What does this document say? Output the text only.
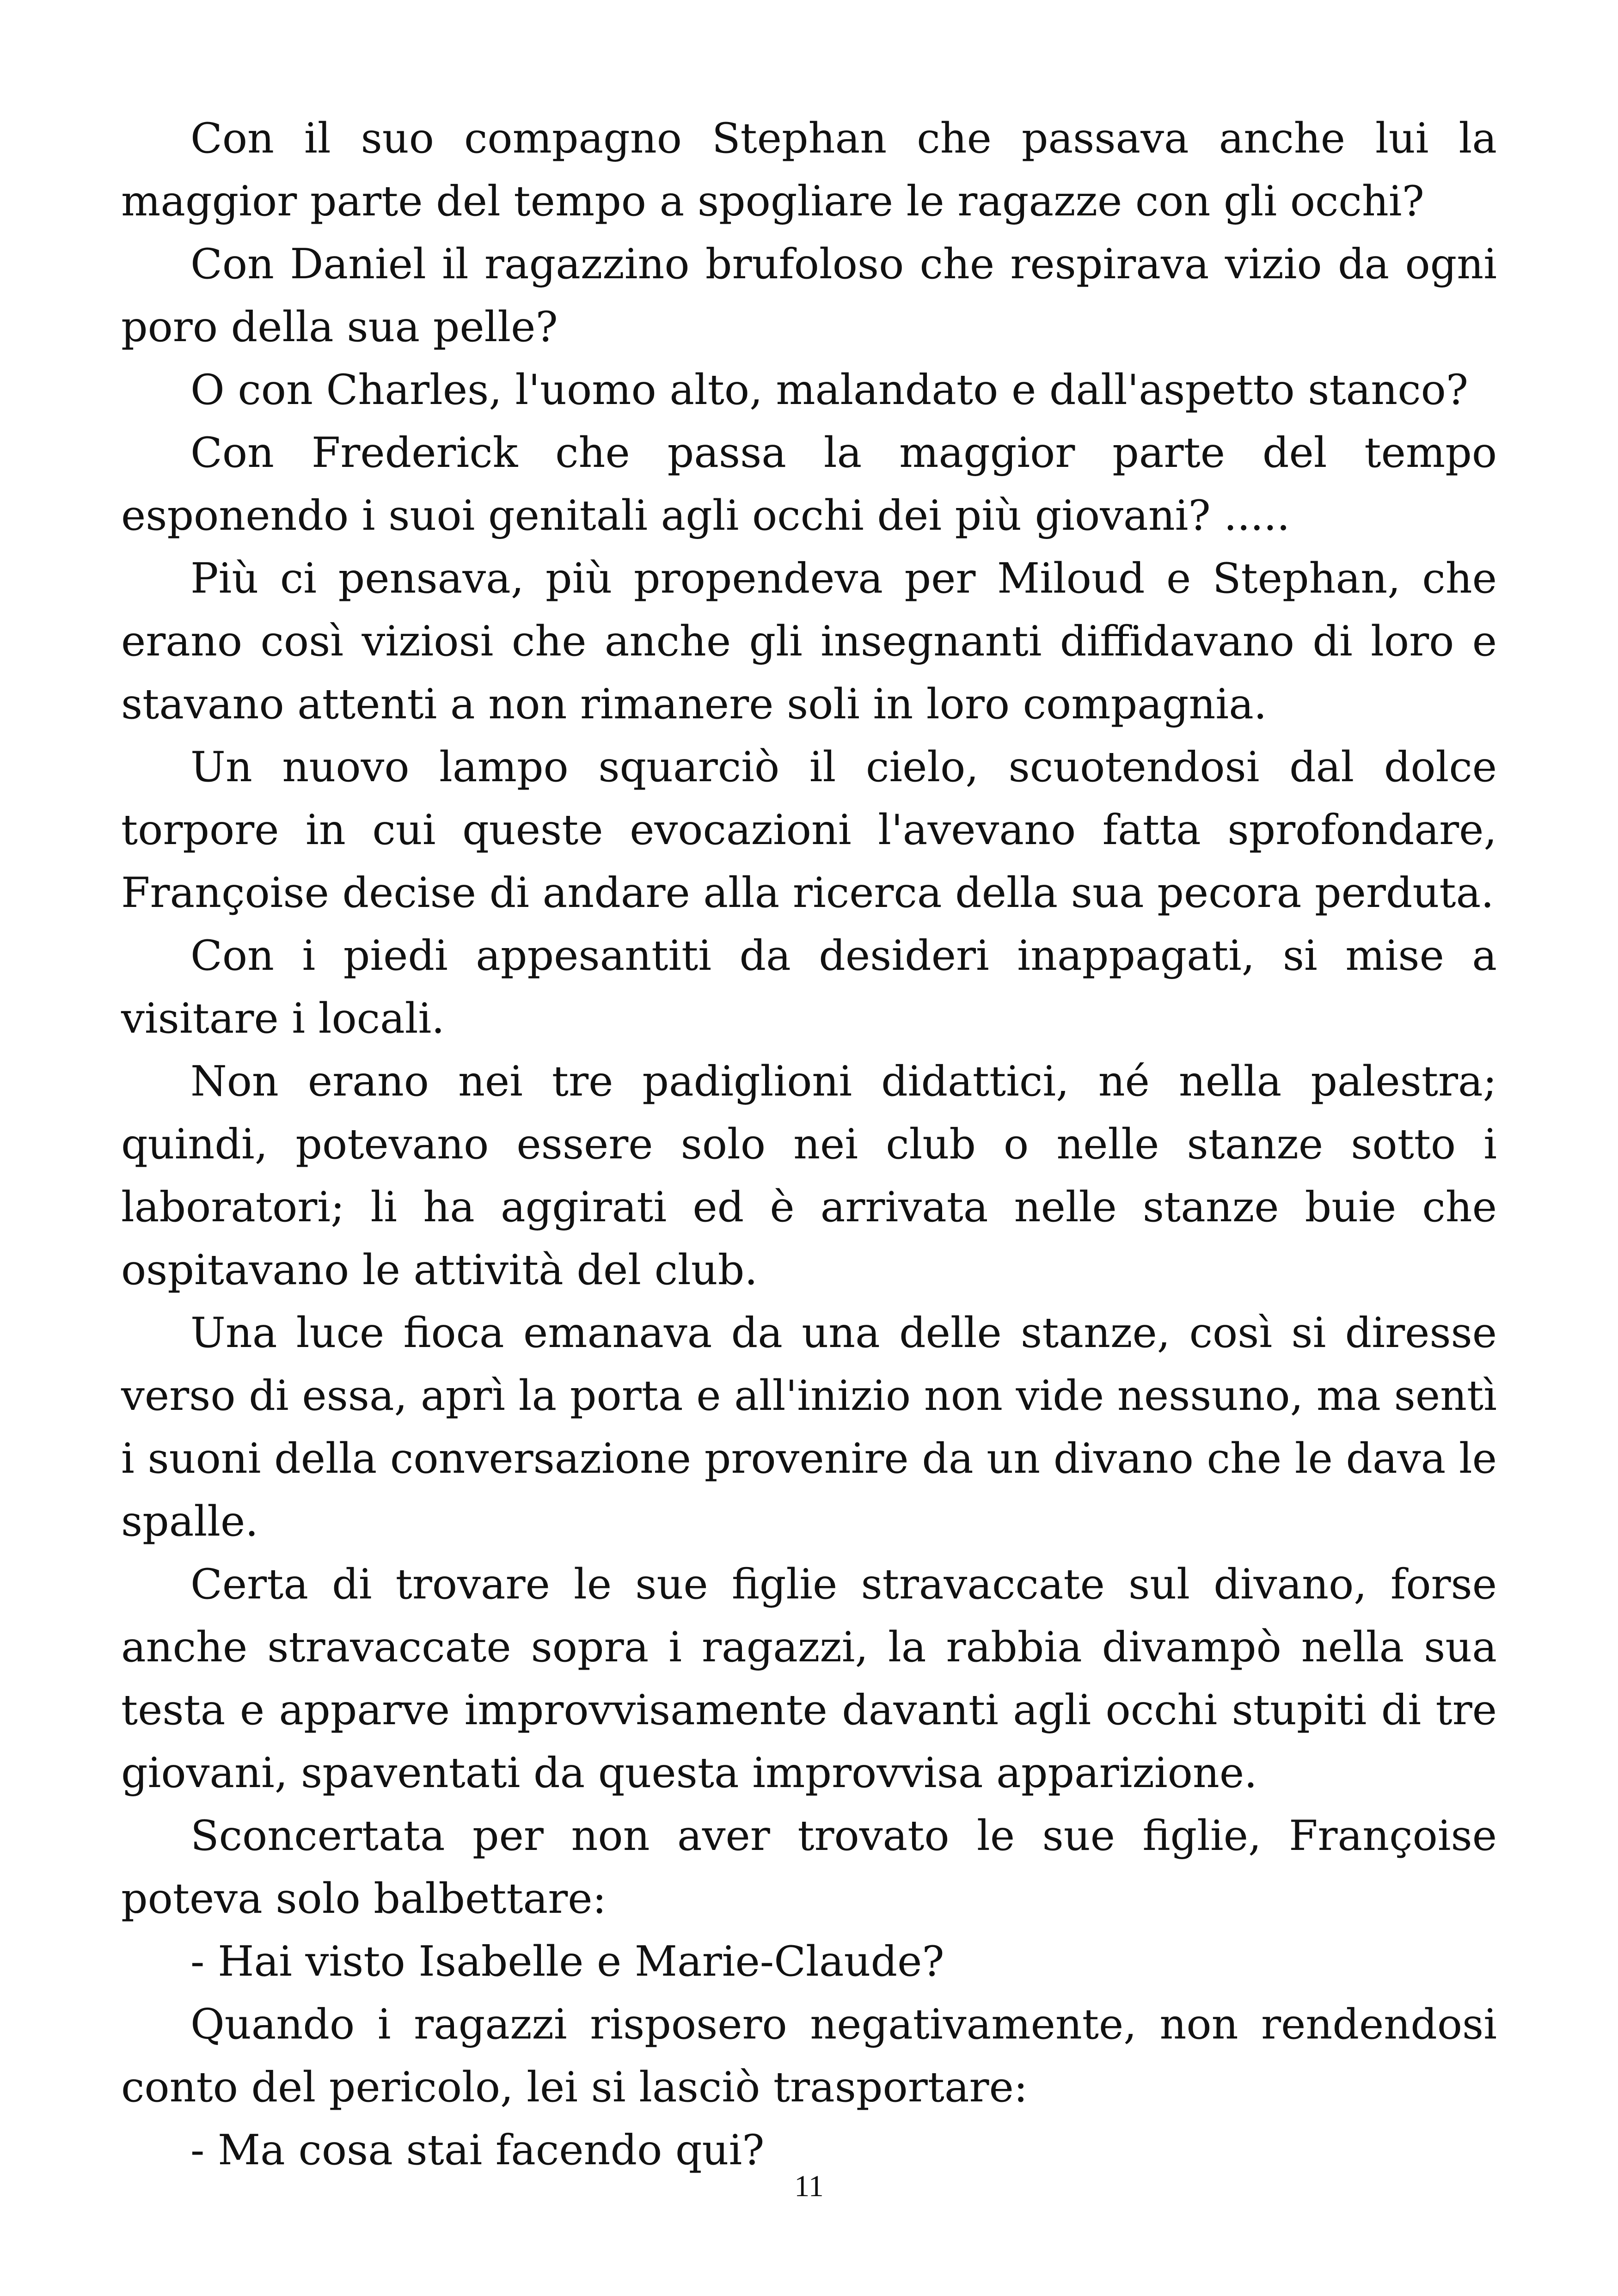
Con il suo compagno Stephan che passava anche lui la maggior parte del tempo a spogliare le ragazze con gli occhi?

Con Daniel il ragazzino brufoloso che respirava vizio da ogni poro della sua pelle?

O con Charles, l'uomo alto, malandato e dall'aspetto stanco?

Con Frederick che passa la maggior parte del tempo esponendo i suoi genitali agli occhi dei più giovani? .....

Più ci pensava, più propendeva per Miloud e Stephan, che erano così viziosi che anche gli insegnanti diffidavano di loro e stavano attenti a non rimanere soli in loro compagnia.

Un nuovo lampo squarciò il cielo, scuotendosi dal dolce torpore in cui queste evocazioni l'avevano fatta sprofondare, Françoise decise di andare alla ricerca della sua pecora perduta.

Con i piedi appesantiti da desideri inappagati, si mise a visitare i locali.

Non erano nei tre padiglioni didattici, né nella palestra; quindi, potevano essere solo nei club o nelle stanze sotto i laboratori; li ha aggirati ed è arrivata nelle stanze buie che ospitavano le attività del club.

Una luce fioca emanava da una delle stanze, così si diresse verso di essa, aprì la porta e all'inizio non vide nessuno, ma sentì i suoni della conversazione provenire da un divano che le dava le spalle.

Certa di trovare le sue figlie stravaccate sul divano, forse anche stravaccate sopra i ragazzi, la rabbia divampò nella sua testa e apparve improvvisamente davanti agli occhi stupiti di tre giovani, spaventati da questa improvvisa apparizione.

Sconcertata per non aver trovato le sue figlie, Françoise poteva solo balbettare:

- Hai visto Isabelle e Marie-Claude?

Quando i ragazzi risposero negativamente, non rendendosi conto del pericolo, lei si lasciò trasportare:

- Ma cosa stai facendo qui?

11
